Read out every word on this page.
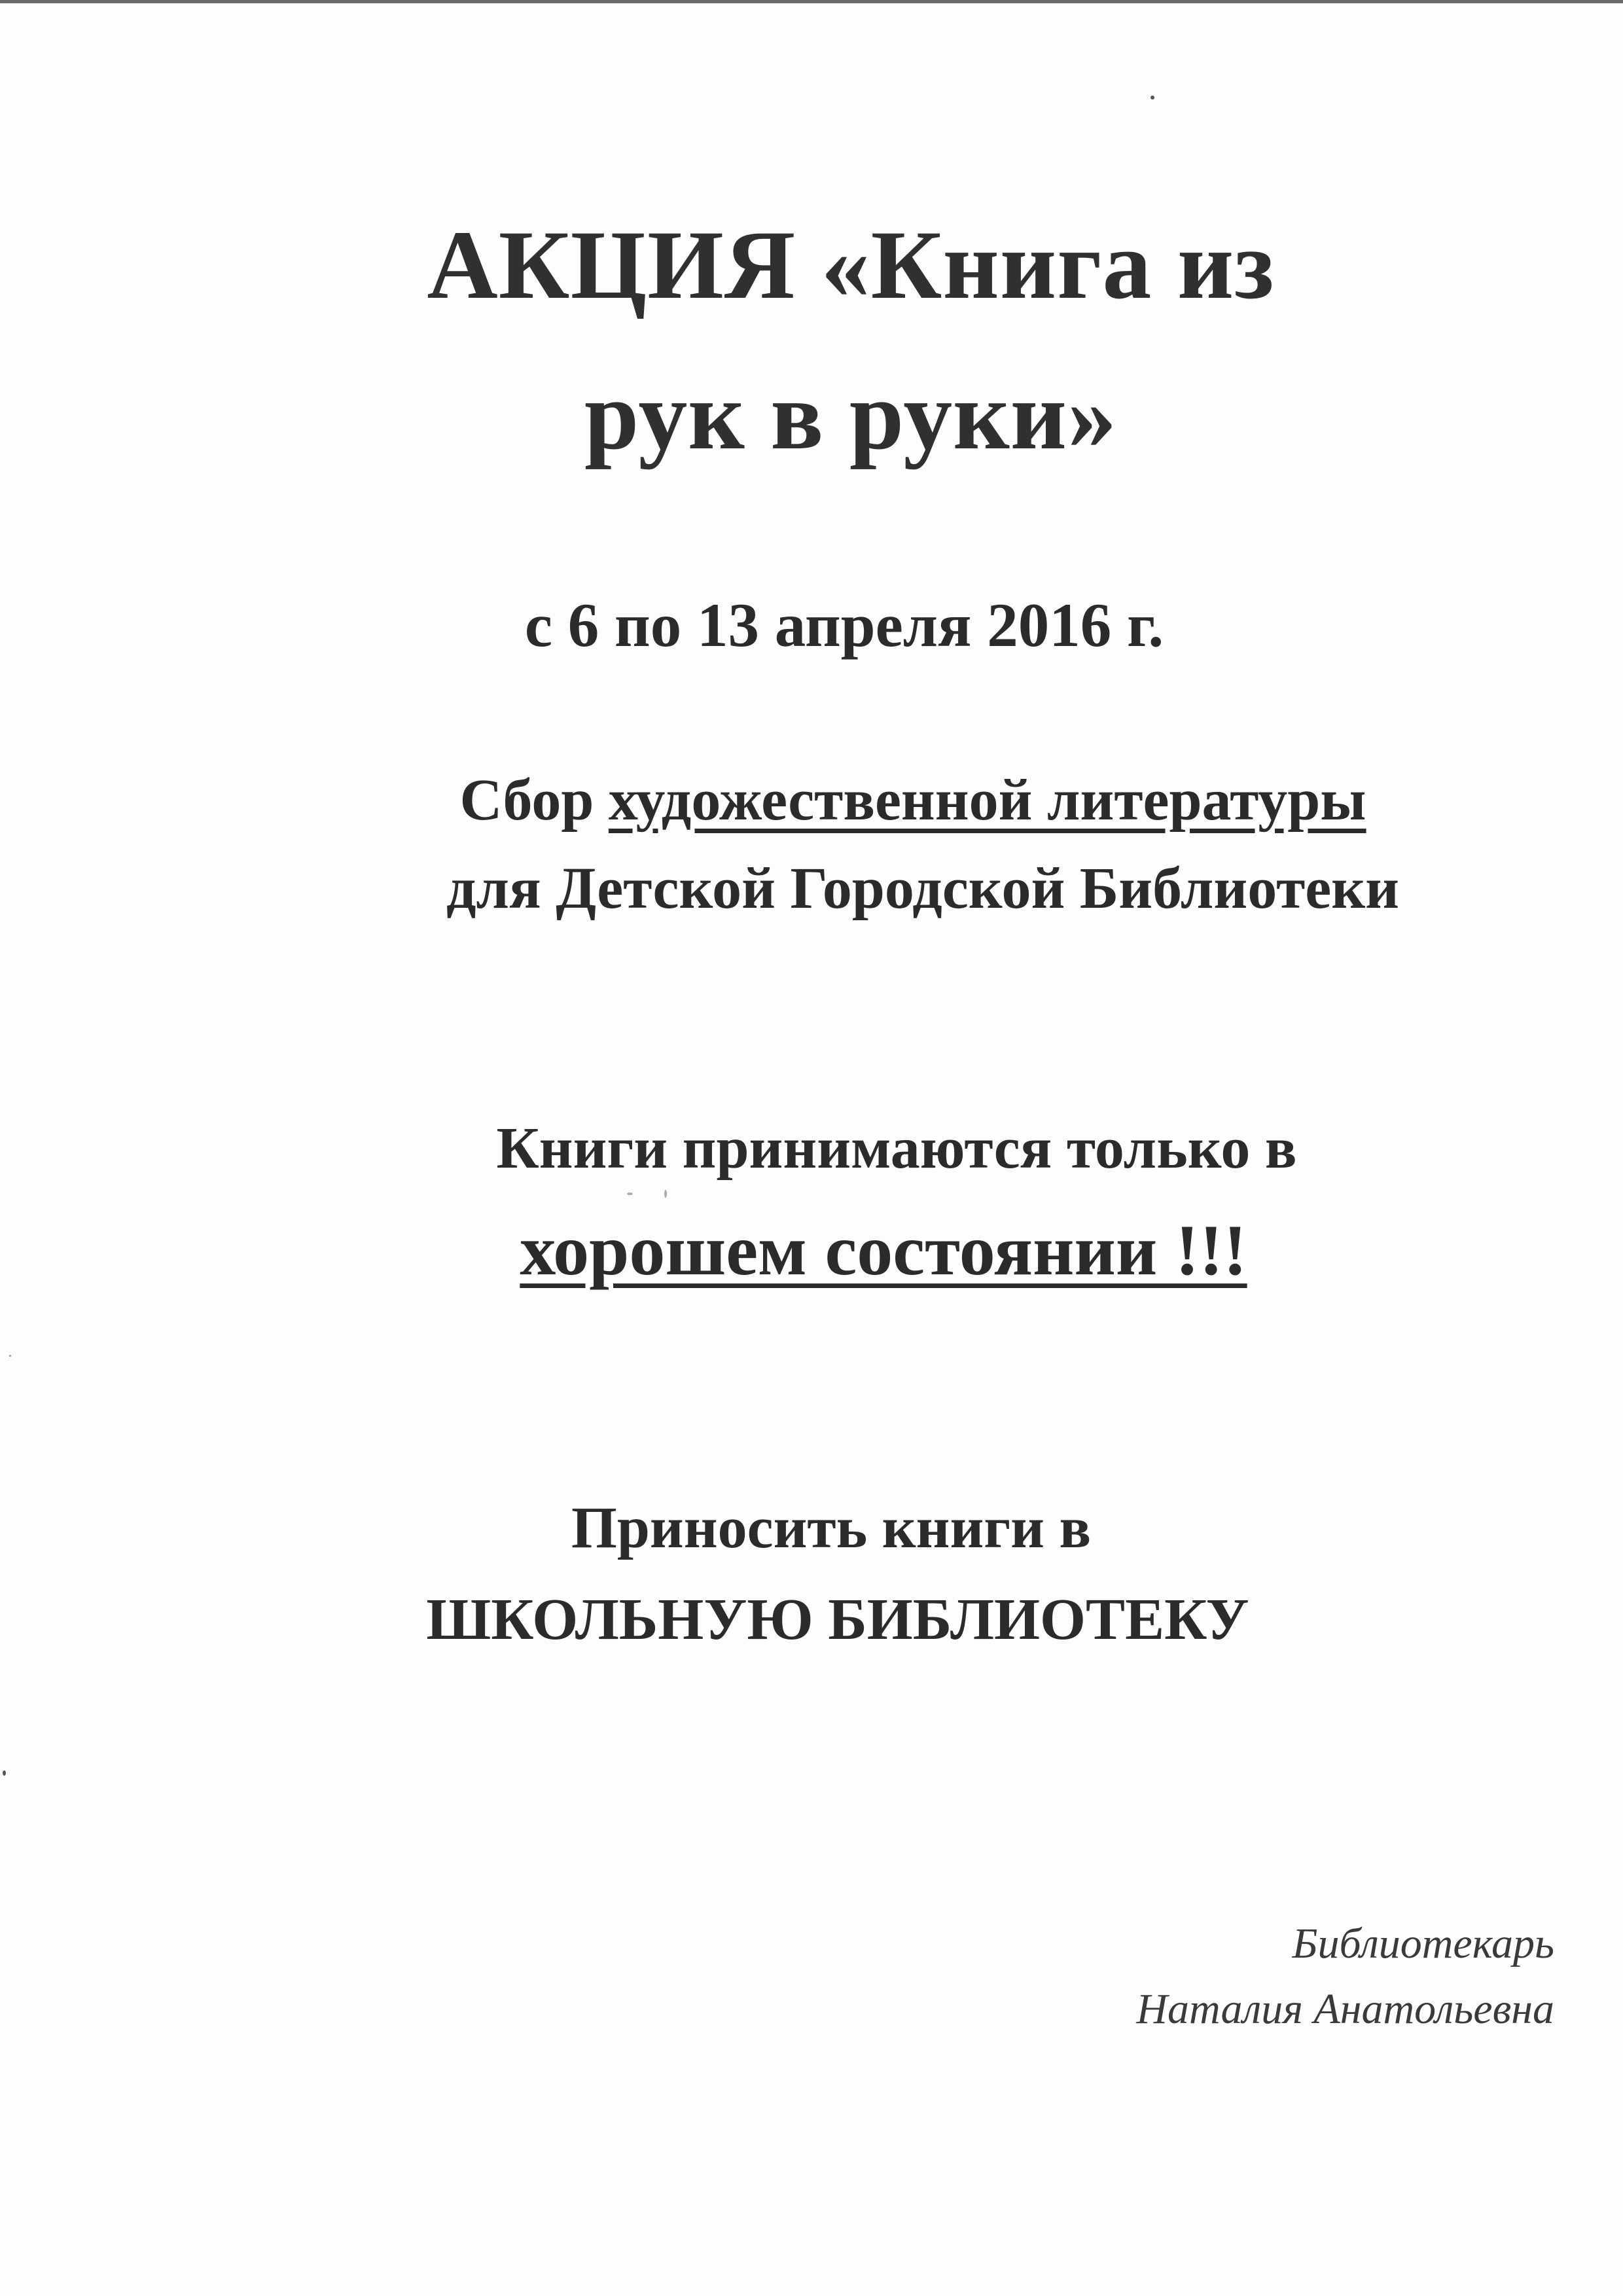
АКЦИЯ «Книга из
рук в руки»
с 6 по 13 апреля 2016 г.
Сбор художественной литературы
для Детской Городской Библиотеки
Книги принимаются только в
хорошем состоянии !!!
Приносить книги в
ШКОЛЬНУЮ БИБЛИОТЕКУ
Библиотекарь
Наталия Анатольевна
